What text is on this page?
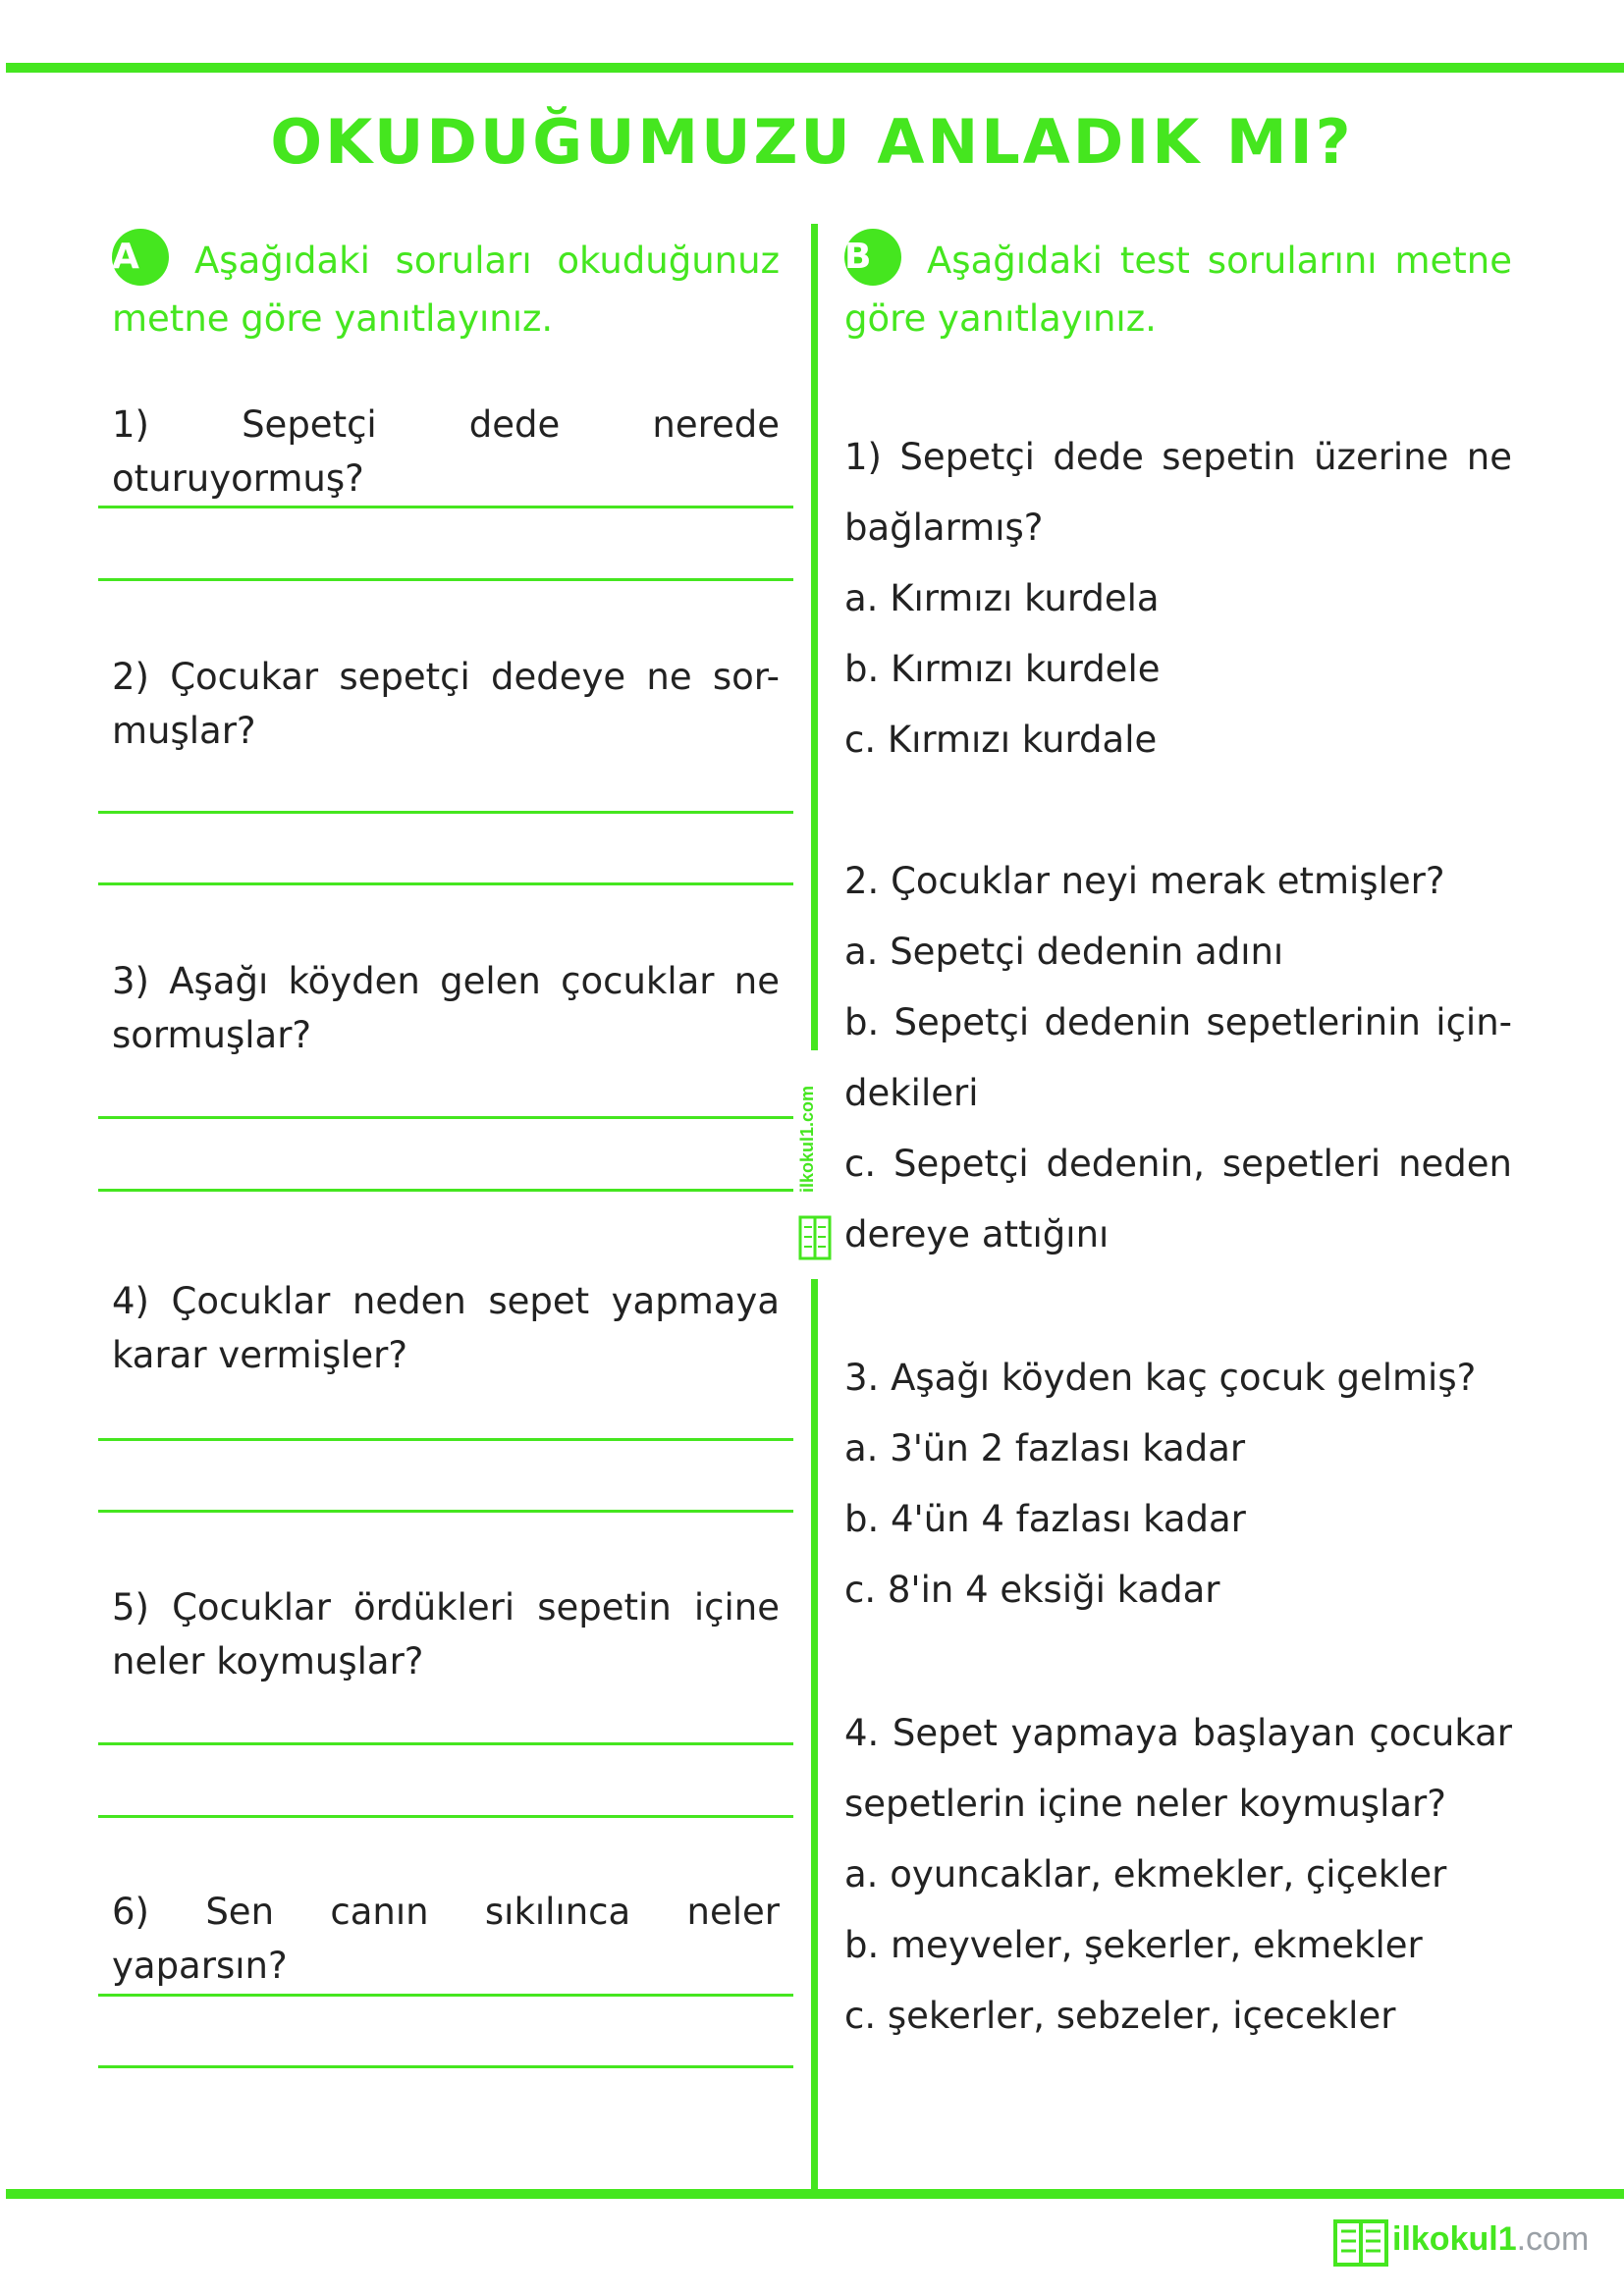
OKUDUĞUMUZU ANLADIK MI?
A Aşağıdaki soruları okuduğunuz metne göre yanıtlayınız.
1) Sepetçi dede nerede oturuyormuş?
2) Çocukar sepetçi dedeye ne sor-muşlar?
3) Aşağı köyden gelen çocuklar ne sormuşlar?
4) Çocuklar neden sepet yapmaya karar vermişler?
5) Çocuklar ördükleri sepetin içine neler koymuşlar?
6) Sen canın sıkılınca neler yaparsın?
ilkokul1.com
B Aşağıdaki test sorularını metne göre yanıtlayınız.
1) Sepetçi dede sepetin üzerine ne bağlarmış?
a. Kırmızı kurdela
b. Kırmızı kurdele
c. Kırmızı kurdale
2. Çocuklar neyi merak etmişler?
a. Sepetçi dedenin adını
b. Sepetçi dedenin sepetlerinin için-dekileri
c. Sepetçi dedenin, sepetleri neden dereye attığını
3. Aşağı köyden kaç çocuk gelmiş?
a. 3'ün 2 fazlası kadar
b. 4'ün 4 fazlası kadar
c. 8'in 4 eksiği kadar
4. Sepet yapmaya başlayan çocukar sepetlerin içine neler koymuşlar?
a. oyuncaklar, ekmekler, çiçekler
b. meyveler, şekerler, ekmekler
c. şekerler, sebzeler, içecekler
ilkokul1.com
